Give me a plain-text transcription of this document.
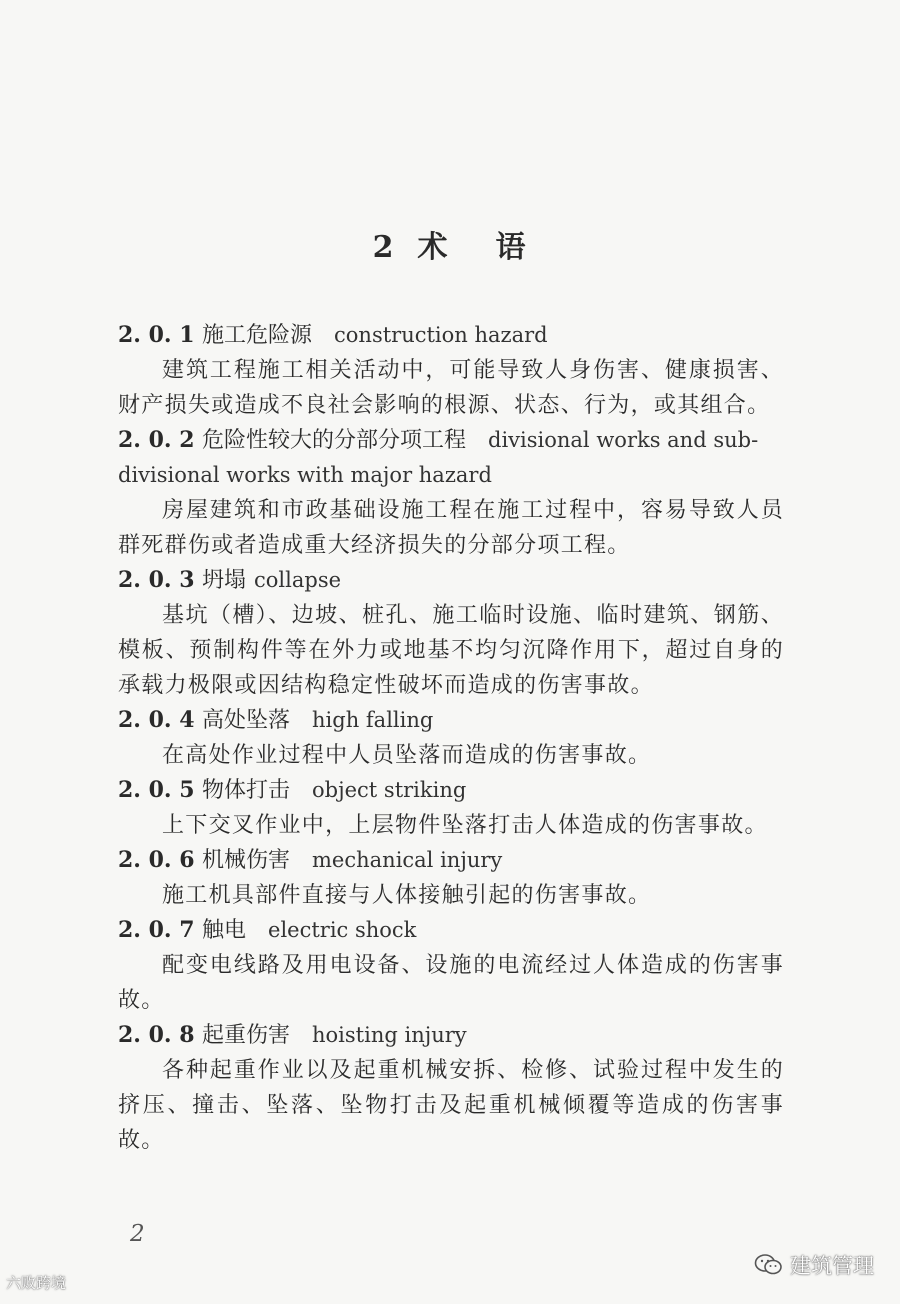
2 术 语
2. 0. 1 施工危险源 construction hazard
建筑工程施工相关活动中，可能导致人身伤害、健康损害、财产损失或造成不良社会影响的根源、状态、行为，或其组合。
2. 0. 2 危险性较大的分部分项工程 divisional works and sub-
divisional works with major hazard
房屋建筑和市政基础设施工程在施工过程中，容易导致人员群死群伤或者造成重大经济损失的分部分项工程。
2. 0. 3 坍塌 collapse
基坑（槽）、边坡、桩孔、施工临时设施、临时建筑、钢筋、模板、预制构件等在外力或地基不均匀沉降作用下，超过自身的承载力极限或因结构稳定性破坏而造成的伤害事故。
2. 0. 4 高处坠落 high falling
在高处作业过程中人员坠落而造成的伤害事故。
2. 0. 5 物体打击 object striking
上下交叉作业中，上层物件坠落打击人体造成的伤害事故。
2. 0. 6 机械伤害 mechanical injury
施工机具部件直接与人体接触引起的伤害事故。
2. 0. 7 触电 electric shock
配变电线路及用电设备、设施的电流经过人体造成的伤害事故。
2. 0. 8 起重伤害 hoisting injury
各种起重作业以及起重机械安拆、检修、试验过程中发生的挤压、撞击、坠落、坠物打击及起重机械倾覆等造成的伤害事故。
2
六败跨境
建筑管理
